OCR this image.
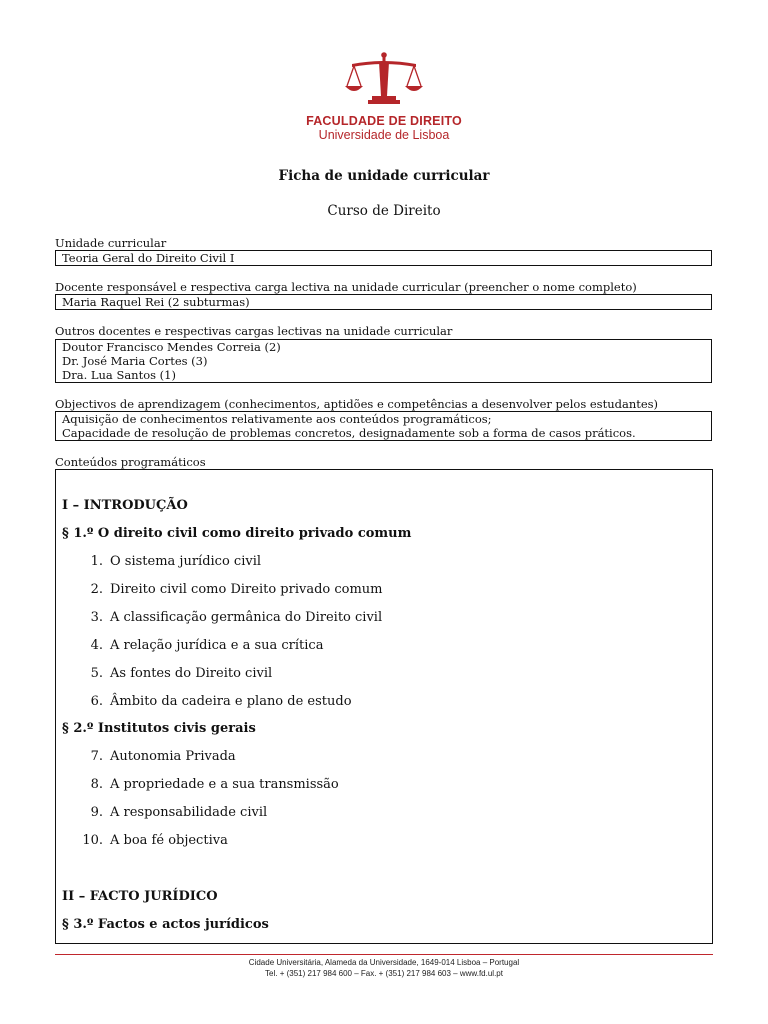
FACULDADE DE DIREITO
Universidade de Lisboa
Ficha de unidade curricular
Curso de Direito
Unidade curricular
Teoria Geral do Direito Civil I
Docente responsável e respectiva carga lectiva na unidade curricular (preencher o nome completo)
Maria Raquel Rei (2 subturmas)
Outros docentes e respectivas cargas lectivas na unidade curricular
Doutor Francisco Mendes Correia (2)
Dr. José Maria Cortes (3)
Dra. Lua Santos (1)
Objectivos de aprendizagem (conhecimentos, aptidões e competências a desenvolver pelos estudantes)
Aquisição de conhecimentos relativamente aos conteúdos programáticos;
Capacidade de resolução de problemas concretos, designadamente sob a forma de casos práticos.
Conteúdos programáticos
I – INTRODUÇÃO
§ 1.º O direito civil como direito privado comum
1. O sistema jurídico civil
2. Direito civil como Direito privado comum
3. A classificação germânica do Direito civil
4. A relação jurídica e a sua crítica
5. As fontes do Direito civil
6. Âmbito da cadeira e plano de estudo
§ 2.º Institutos civis gerais
7. Autonomia Privada
8. A propriedade e a sua transmissão
9. A responsabilidade civil
10. A boa fé objectiva
II – FACTO JURÍDICO
§ 3.º Factos e actos jurídicos
Cidade Universitária, Alameda da Universidade, 1649-014 Lisboa – Portugal
Tel. + (351) 217 984 600 – Fax. + (351) 217 984 603 – www.fd.ul.pt
